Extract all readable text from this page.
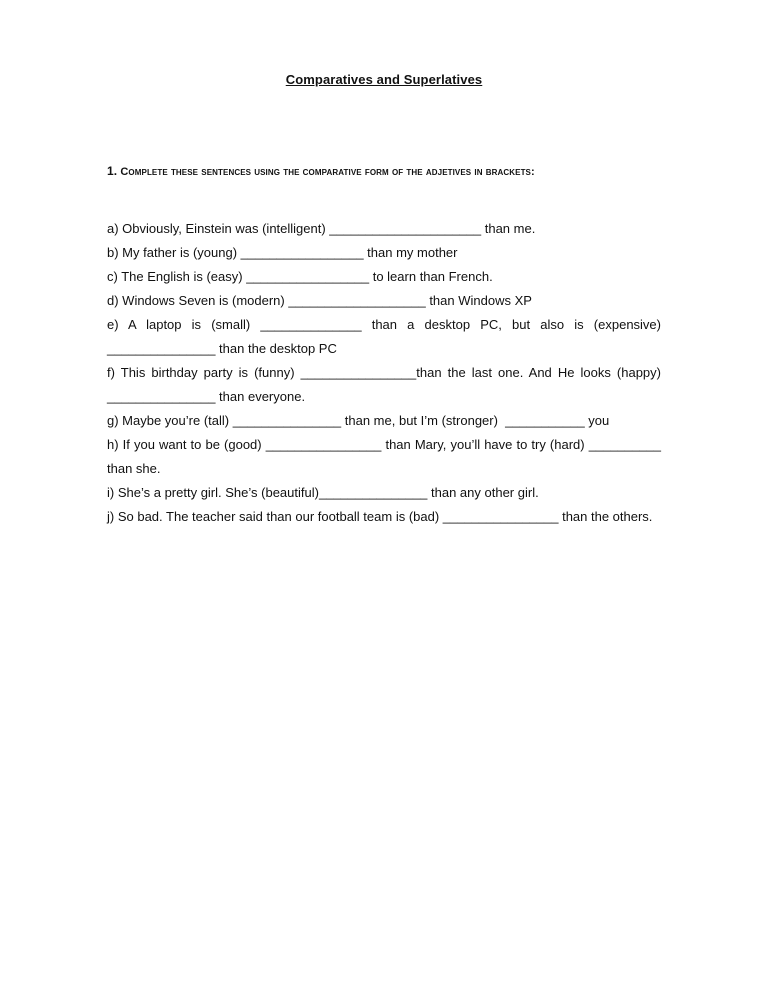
Comparatives and Superlatives
1. Complete these sentences using the comparative form of the adjetives in brackets:

a) Obviously, Einstein was (intelligent) _____________________ than me.

b) My father is (young) _________________ than my mother

c) The English is (easy) _________________ to learn than French.

d) Windows Seven is (modern) ___________________ than Windows XP

e) A laptop is (small) ______________ than a desktop PC, but also is (expensive) _______________ than the desktop PC

f) This birthday party is (funny) ________________than the last one. And He looks (happy) _______________ than everyone.

g) Maybe you’re (tall) _______________ than me, but I’m (stronger)  ___________ you

h) If you want to be (good) ________________ than Mary, you’ll have to try (hard) __________ than she.

i) She’s a pretty girl. She’s (beautiful)_______________ than any other girl.

j) So bad. The teacher said than our football team is (bad) ________________ than the others.
